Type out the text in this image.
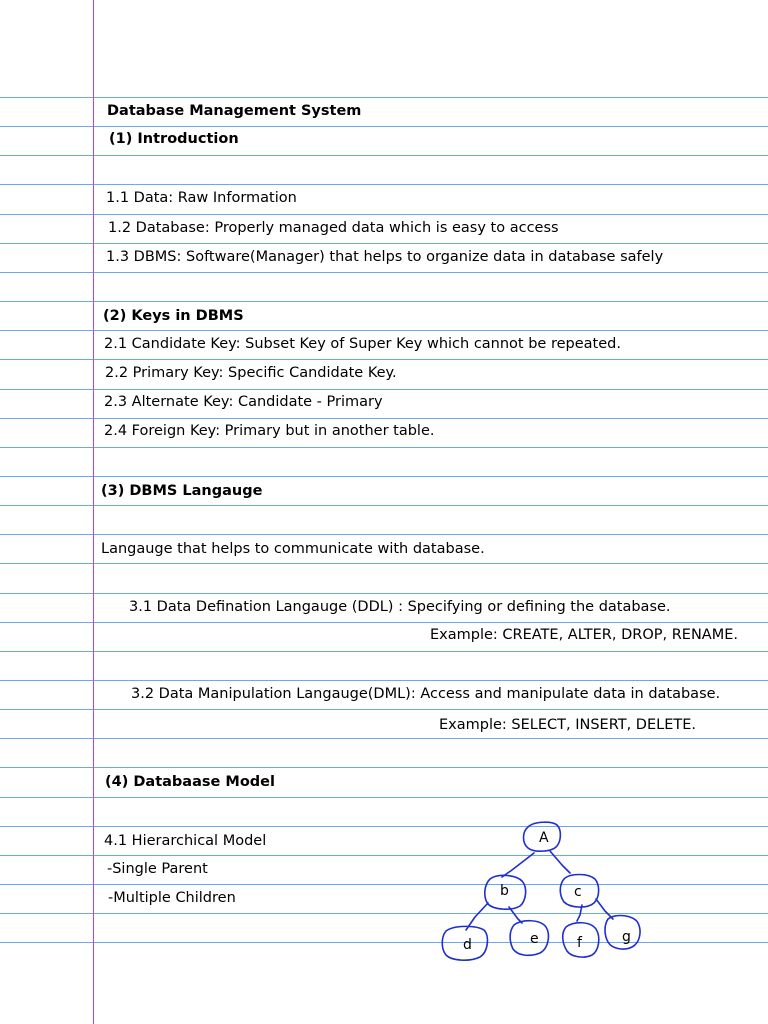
Database Management System
(1) Introduction
1.1 Data: Raw Information
1.2 Database: Properly managed data which is easy to access
1.3 DBMS: Software(Manager) that helps to organize data in database safely
(2) Keys in DBMS
2.1 Candidate Key: Subset Key of Super Key which cannot be repeated.
2.2 Primary Key: Specific Candidate Key.
2.3 Alternate Key: Candidate - Primary
2.4 Foreign Key: Primary but in another table.
(3) DBMS Langauge
Langauge that helps to communicate with database.
3.1 Data Defination Langauge (DDL) : Specifying or defining the database.
Example: CREATE, ALTER, DROP, RENAME.
3.2 Data Manipulation Langauge(DML): Access and manipulate data in database.
Example: SELECT, INSERT, DELETE.
(4) Databaase Model
4.1 Hierarchical Model
-Single Parent
-Multiple Children
A
b	c
d	e	f	g
